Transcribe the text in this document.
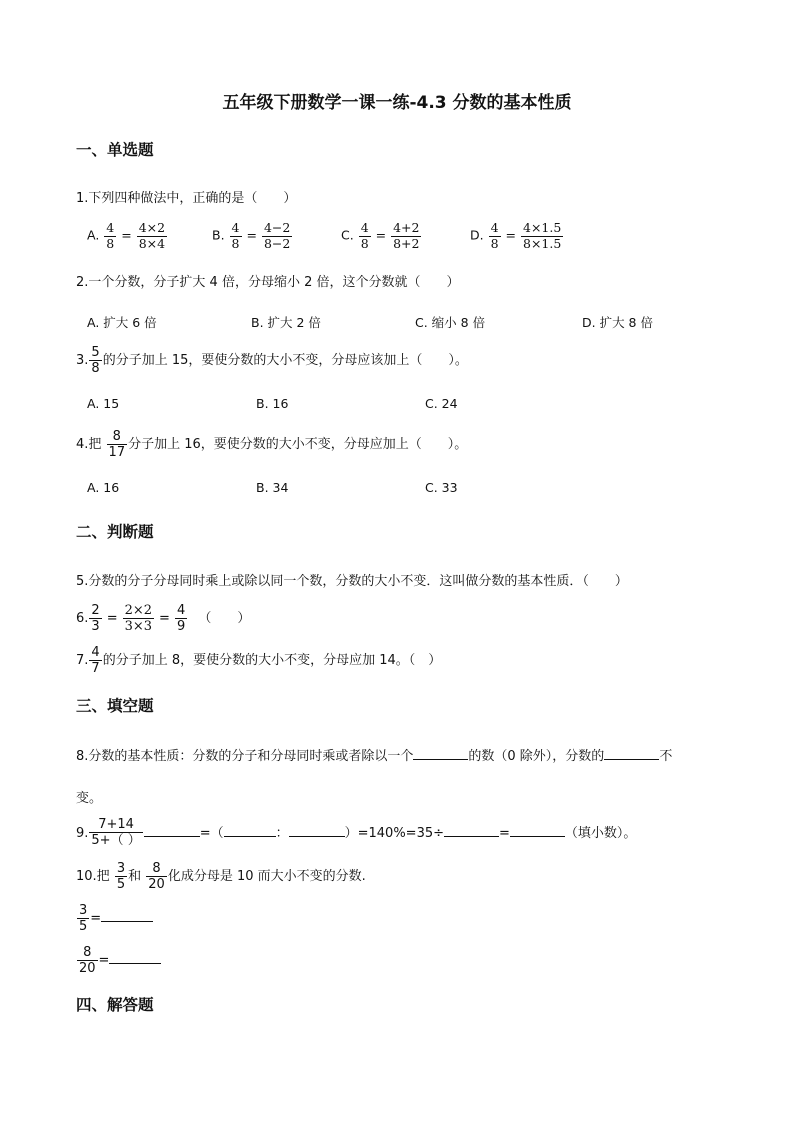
五年级下册数学一课一练-4.3 分数的基本性质
一、单选题
1.下列四种做法中，正确的是（　　）
A. $\frac{4}{8} = \frac{4\times 2}{8\times 4}$	B. $\frac{4}{8} = \frac{4-2}{8-2}$	C. $\frac{4}{8} = \frac{4+2}{8+2}$	D. $\frac{4}{8} = \frac{4\times 1.5}{8\times 1.5}$
2.一个分数，分子扩大 4 倍，分母缩小 2 倍，这个分数就（　　）
A. 扩大 6 倍	B. 扩大 2 倍	C. 缩小 8 倍	D. 扩大 8 倍
3. $\frac{5}{8}$ 的分子加上 15，要使分数的大小不变，分母应该加上（　　）。
A. 15	B. 16	C. 24
4.把 $\frac{8}{17}$ 分子加上 16，要使分数的大小不变，分母应加上（　　）。
A. 16	B. 34	C. 33
二、判断题
5.分数的分子分母同时乘上或除以同一个数，分数的大小不变．这叫做分数的基本性质．（　　）
6. $\frac{2}{3} = \frac{2\times 2}{3\times 3} = \frac{4}{9}$ （　　）
7. $\frac{4}{7}$ 的分子加上 8，要使分数的大小不变，分母应加 14。（　）
三、填空题
8.分数的基本性质：分数的分子和分母同时乘或者除以一个	的数（0 除外），分数的	不
变。
9. $\frac{7+14}{5+( )}$	=（	：	）=140%=35÷	=	（填小数）。
10.把 $\frac{3}{5}$ 和 $\frac{8}{20}$ 化成分母是 10 而大小不变的分数.
$\frac{3}{5}$ =
$\frac{8}{20}$ =
四、解答题
